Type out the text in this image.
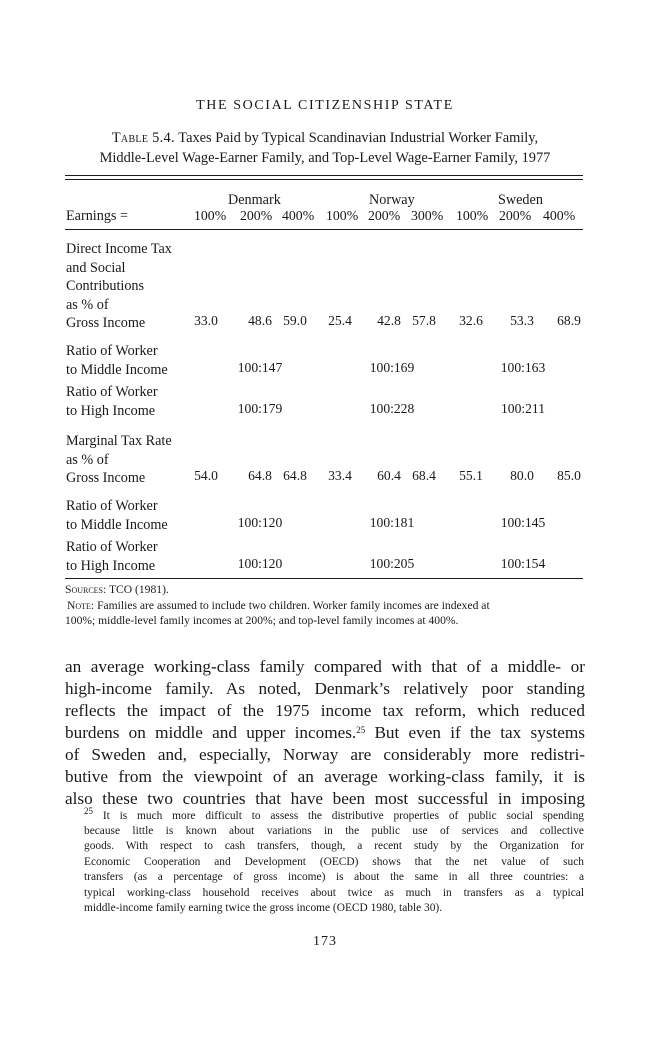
THE SOCIAL CITIZENSHIP STATE
Table 5.4. Taxes Paid by Typical Scandinavian Industrial Worker Family,
Middle-Level Wage-Earner Family, and Top-Level Wage-Earner Family, 1977
Denmark	Norway	Sweden
Earnings =	100% 200% 400% 100% 200% 300% 100% 200% 400%
Direct Income Tax
and Social
Contributions
as % of
Gross Income	33.0	48.6 59.0	25.4	42.8 57.8	32.6	53.3	68.9
Ratio of Worker
to Middle Income	100:147	100:169	100:163
Ratio of Worker
to High Income	100:179	100:228	100:211
Marginal Tax Rate
as % of
Gross Income	54.0	64.8 64.8	33.4	60.4 68.4	55.1	80.0	85.0
Ratio of Worker
to Middle Income	100:120	100:181	100:145
Ratio of Worker
to High Income	100:120	100:205	100:154
Sources: TCO (1981).
Note: Families are assumed to include two children. Worker family incomes are indexed at
100%; middle-level family incomes at 200%; and top-level family incomes at 400%.
an average working-class family compared with that of a middle- or
high-income family. As noted, Denmark’s relatively poor standing
reflects the impact of the 1975 income tax reform, which reduced
burdens on middle and upper incomes.$^{25}$ But even if the tax systems
of Sweden and, especially, Norway are considerably more redistri-
butive from the viewpoint of an average working-class family, it is
also these two countries that have been most successful in imposing
$^{25}$ It is much more difficult to assess the distributive properties of public social spending
because little is known about variations in the public use of services and collective
goods. With respect to cash transfers, though, a recent study by the Organization for
Economic Cooperation and Development (OECD) shows that the net value of such
transfers (as a percentage of gross income) is about the same in all three countries: a
typical working-class household receives about twice as much in transfers as a typical
middle-income family earning twice the gross income (OECD 1980, table 30).
173
